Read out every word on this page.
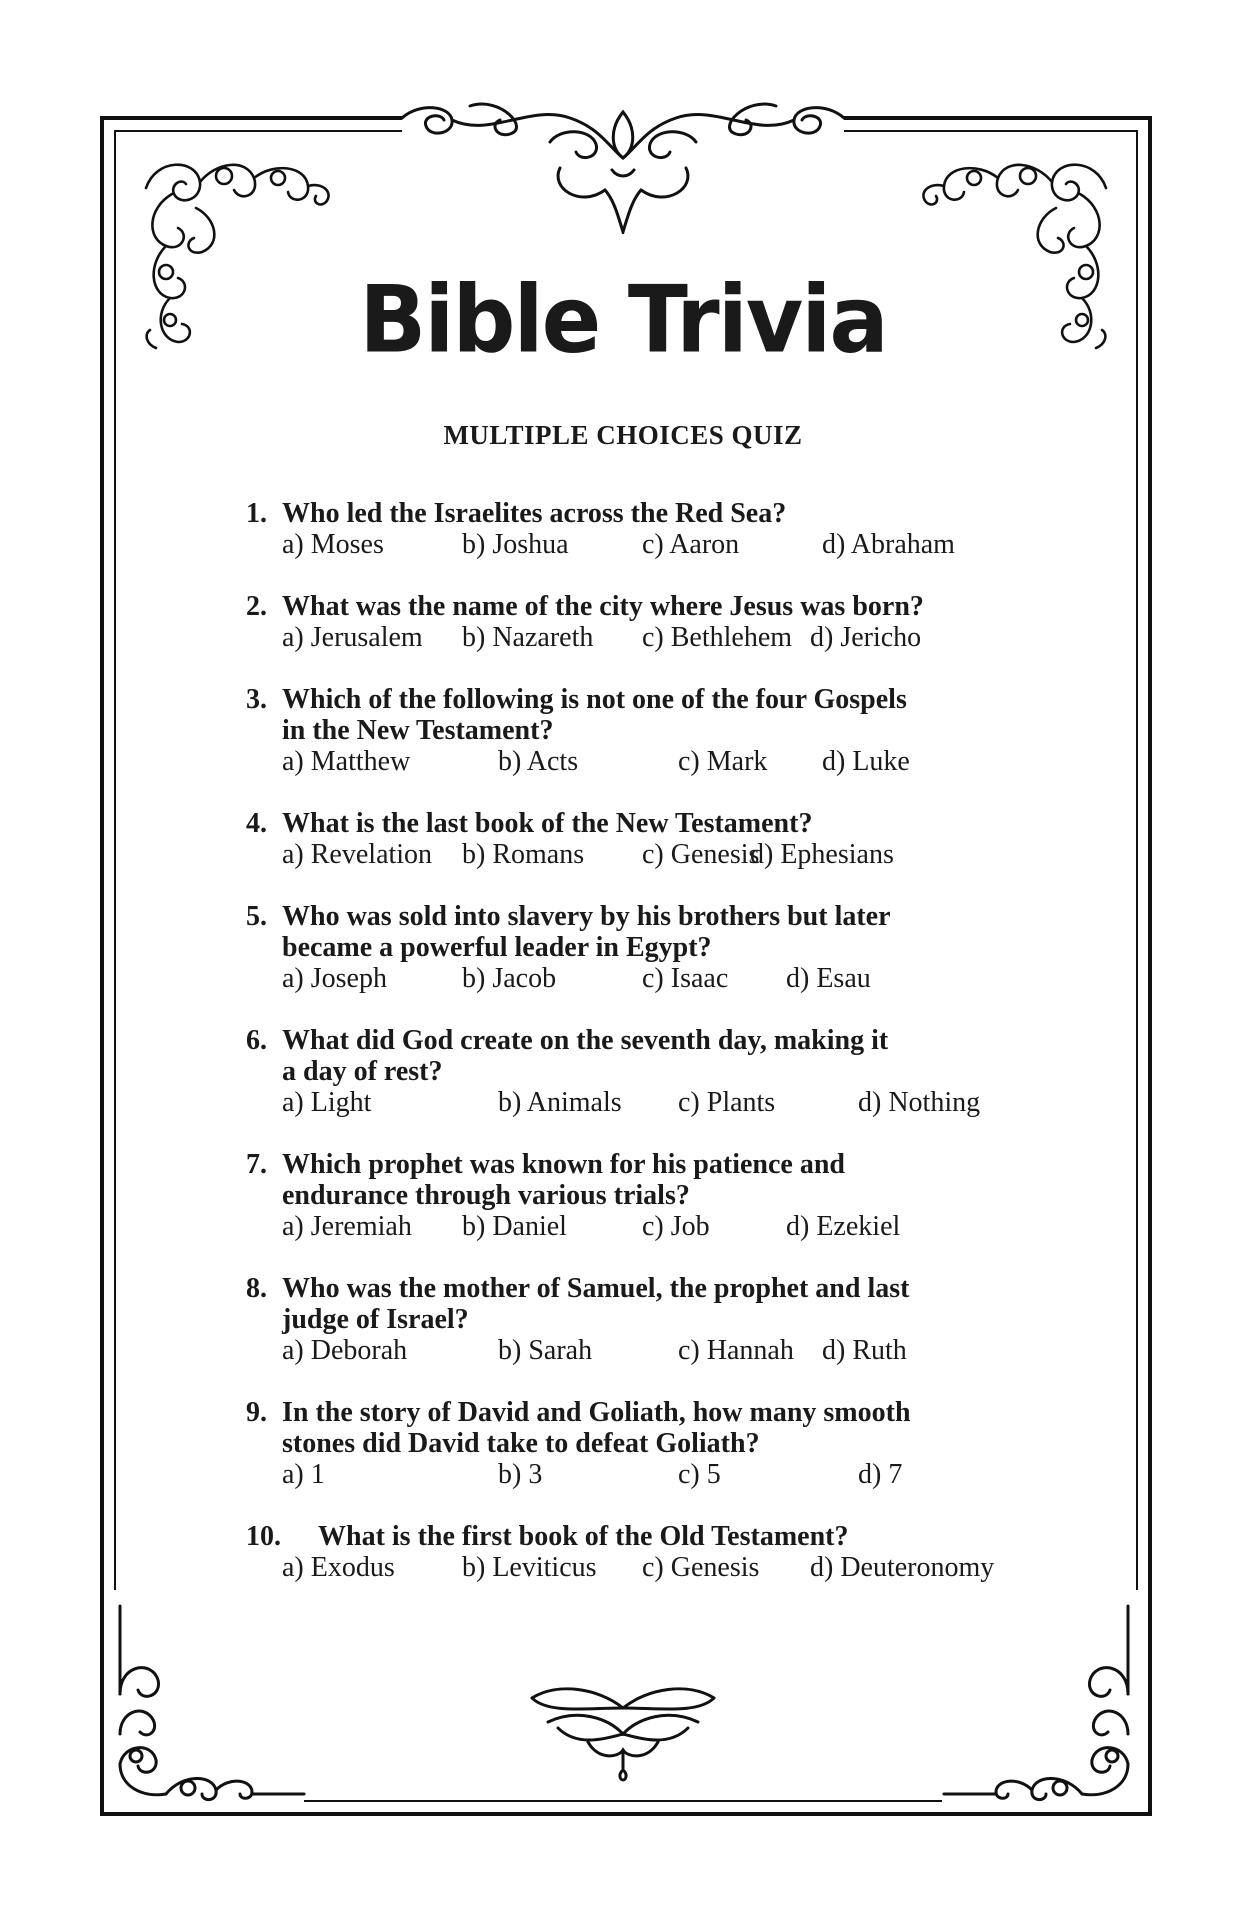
Bible Trivia
MULTIPLE CHOICES QUIZ
1. Who led the Israelites across the Red Sea?
a) Moses	b) Joshua	c) Aaron	d) Abraham
2. What was the name of the city where Jesus was born?
a) Jerusalem b) Nazareth c) Bethlehem d) Jericho
3. Which of the following is not one of the four Gospels
in the New Testament?
a) Matthew	b) Acts	c) Mark d) Luke
4. What is the last book of the New Testament?
a) Revelation b) Romans c) Genesis
d) Ephesians
5. Who was sold into slavery by his brothers but later
became a powerful leader in Egypt?
a) Joseph	b) Jacob	c) Isaac d) Esau
6. What did God create on the seventh day, making it
a day of rest?
a) Light	b) Animals c) Plants	d) Nothing
7. Which prophet was known for his patience and
endurance through various trials?
a) Jeremiah b) Daniel	c) Job	d) Ezekiel
8. Who was the mother of Samuel, the prophet and last
judge of Israel?
a) Deborah	b) Sarah	c) Hannah d) Ruth
9. In the story of David and Goliath, how many smooth
stones did David take to defeat Goliath?
a) 1	b) 3	c) 5	d) 7
10. What is the first book of the Old Testament?
a) Exodus b) Leviticus c) Genesis d) Deuteronomy
